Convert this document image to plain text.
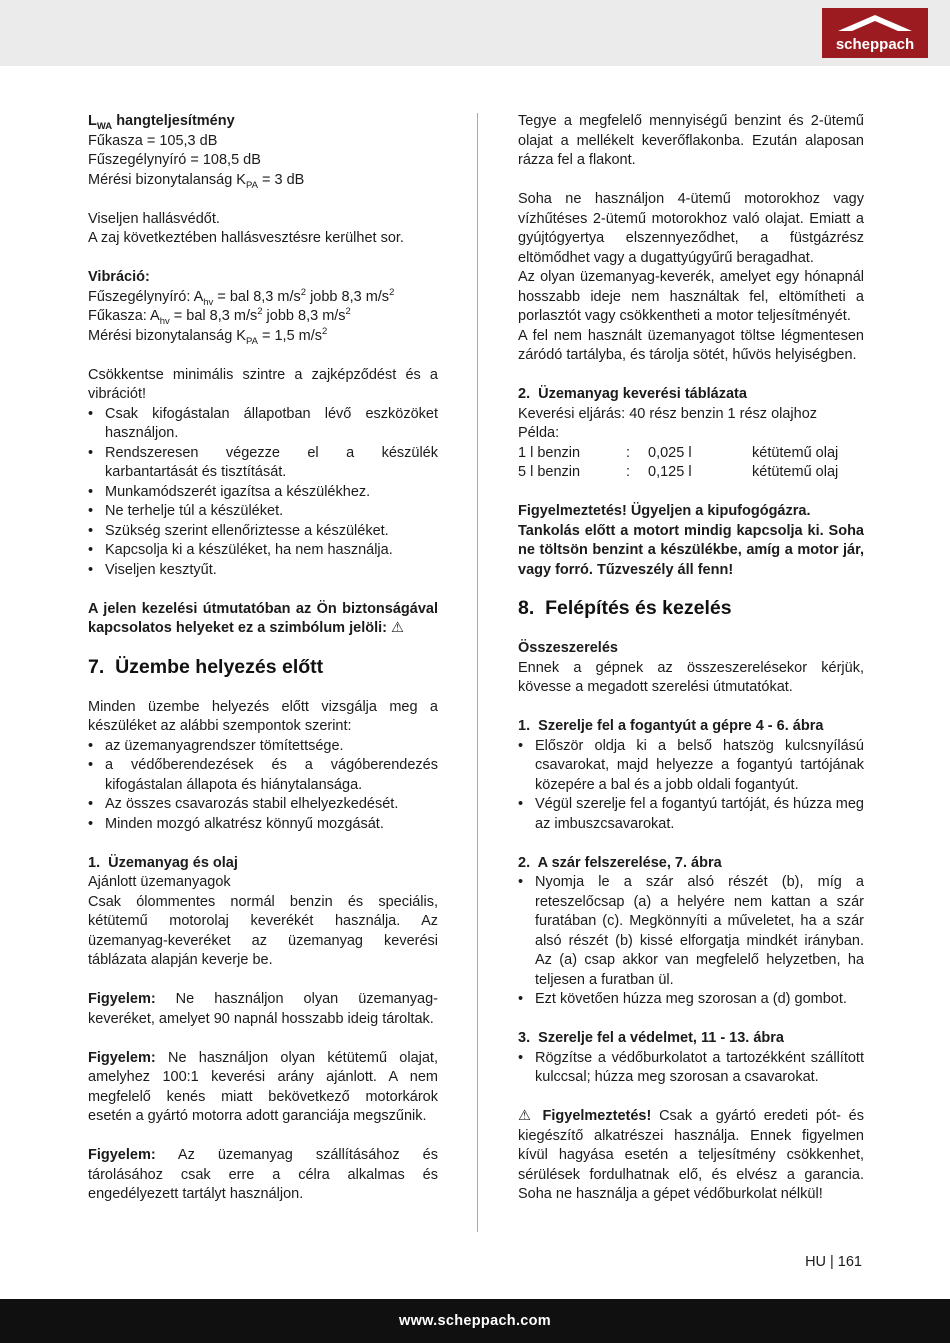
scheppach

$L_{WA}$ hangteljesítmény

Fűkasza = 105,3 dB

Fűszegélynyíró = 108,5 dB

Mérési bizonytalanság $K_{PA} = 3$ dB

Viseljen hallásvédőt.

A zaj következtében hallásvesztésre kerülhet sor.

Vibráció:

Fűszegélynyíró: $A_{hv}$ = bal 8,3 $m/s^2$ jobb 8,3 $m/s^2$

Fűkasza: $A_{hv}$ = bal 8,3 $m/s^2$ jobb 8,3 $m/s^2$

Mérési bizonytalanság $K_{PA} = 1,5$ $m/s^2$

Csökkentse minimális szintre a zajképződést és a vibrációt!

• Csak kifogástalan állapotban lévő eszközöket használjon.
• Rendszeresen végezze el a készülék karbantartását és tisztítását.
• Munkamódszerét igazítsa a készülékhez.
• Ne terhelje túl a készüléket.
• Szükség szerint ellenőriztesse a készüléket.
• Kapcsolja ki a készüléket, ha nem használja.
• Viseljen kesztyűt.

A jelen kezelési útmutatóban az Ön biztonságával kapcsolatos helyeket ez a szimbólum jelöli: ⚠

7.  Üzembe helyezés előtt

Minden üzembe helyezés előtt vizsgálja meg a készüléket az alábbi szempontok szerint:

• az üzemanyagrendszer tömítettsége.
• a védőberendezések és a vágóberendezés kifogástalan állapota és hiánytalansága.
• Az összes csavarozás stabil elhelyezkedését.
• Minden mozgó alkatrész könnyű mozgását.

1.  Üzemanyag és olaj

Ajánlott üzemanyagok

Csak ólommentes normál benzin és speciális, kétütemű motorolaj keverékét használja. Az üzemanyag-keveréket az üzemanyag keverési táblázata alapján keverje be.

Figyelem: Ne használjon olyan üzemanyag-keveréket, amelyet 90 napnál hosszabb ideig tároltak.

Figyelem: Ne használjon olyan kétütemű olajat, amelyhez 100:1 keverési arány ajánlott. A nem megfelelő kenés miatt bekövetkező motorkárok esetén a gyártó motorra adott garanciája megszűnik.

Figyelem: Az üzemanyag szállításához és tárolásához csak erre a célra alkalmas és engedélyezett tartályt használjon.

Tegye a megfelelő mennyiségű benzint és 2-ütemű olajat a mellékelt keverőflakonba. Ezután alaposan rázza fel a flakont.

Soha ne használjon 4-ütemű motorokhoz vagy vízhűtéses 2-ütemű motorokhoz való olajat. Emiatt a gyújtógyertya elszennyeződhet, a füstgázrész eltömődhet vagy a dugattyúgyűrű beragadhat.

Az olyan üzemanyag-keverék, amelyet egy hónapnál hosszabb ideje nem használtak fel, eltömítheti a porlasztót vagy csökkentheti a motor teljesítményét.

A fel nem használt üzemanyagot töltse légmentesen záródó tartályba, és tárolja sötét, hűvös helyiségben.

2.  Üzemanyag keverési táblázata

Keverési eljárás: 40 rész benzin 1 rész olajhoz

Példa:

1 l benzin	:	0,025 l	kétütemű olaj
5 l benzin	:	0,125 l	kétütemű olaj

Figyelmeztetés! Ügyeljen a kipufogógázra.

Tankolás előtt a motort mindig kapcsolja ki. Soha ne töltsön benzint a készülékbe, amíg a motor jár, vagy forró. Tűzveszély áll fenn!

8.  Felépítés és kezelés

Összeszerelés

Ennek a gépnek az összeszerelésekor kérjük, kövesse a megadott szerelési útmutatókat.

1.  Szerelje fel a fogantyút a gépre 4 - 6. ábra

• Először oldja ki a belső hatszög kulcsnyílású csavarokat, majd helyezze a fogantyú tartójának közepére a bal és a jobb oldali fogantyút.
• Végül szerelje fel a fogantyú tartóját, és húzza meg az imbuszcsavarokat.

2.  A szár felszerelése, 7. ábra

• Nyomja le a szár alsó részét (b), míg a reteszelőcsap (a) a helyére nem kattan a szár furatában (c). Megkönnyíti a műveletet, ha a szár alsó részét (b) kissé elforgatja mindkét irányban. Az (a) csap akkor van megfelelő helyzetben, ha teljesen a furatban ül.
• Ezt követően húzza meg szorosan a (d) gombot.

3.  Szerelje fel a védelmet, 11 - 13. ábra

• Rögzítse a védőburkolatot a tartozékként szállított kulccsal; húzza meg szorosan a csavarokat.

⚠ Figyelmeztetés! Csak a gyártó eredeti pót- és kiegészítő alkatrészei használja. Ennek figyelmen kívül hagyása esetén a teljesítmény csökkenhet, sérülések fordulhatnak elő, és elvész a garancia. Soha ne használja a gépet védőburkolat nélkül!

HU | 161
www.scheppach.com
